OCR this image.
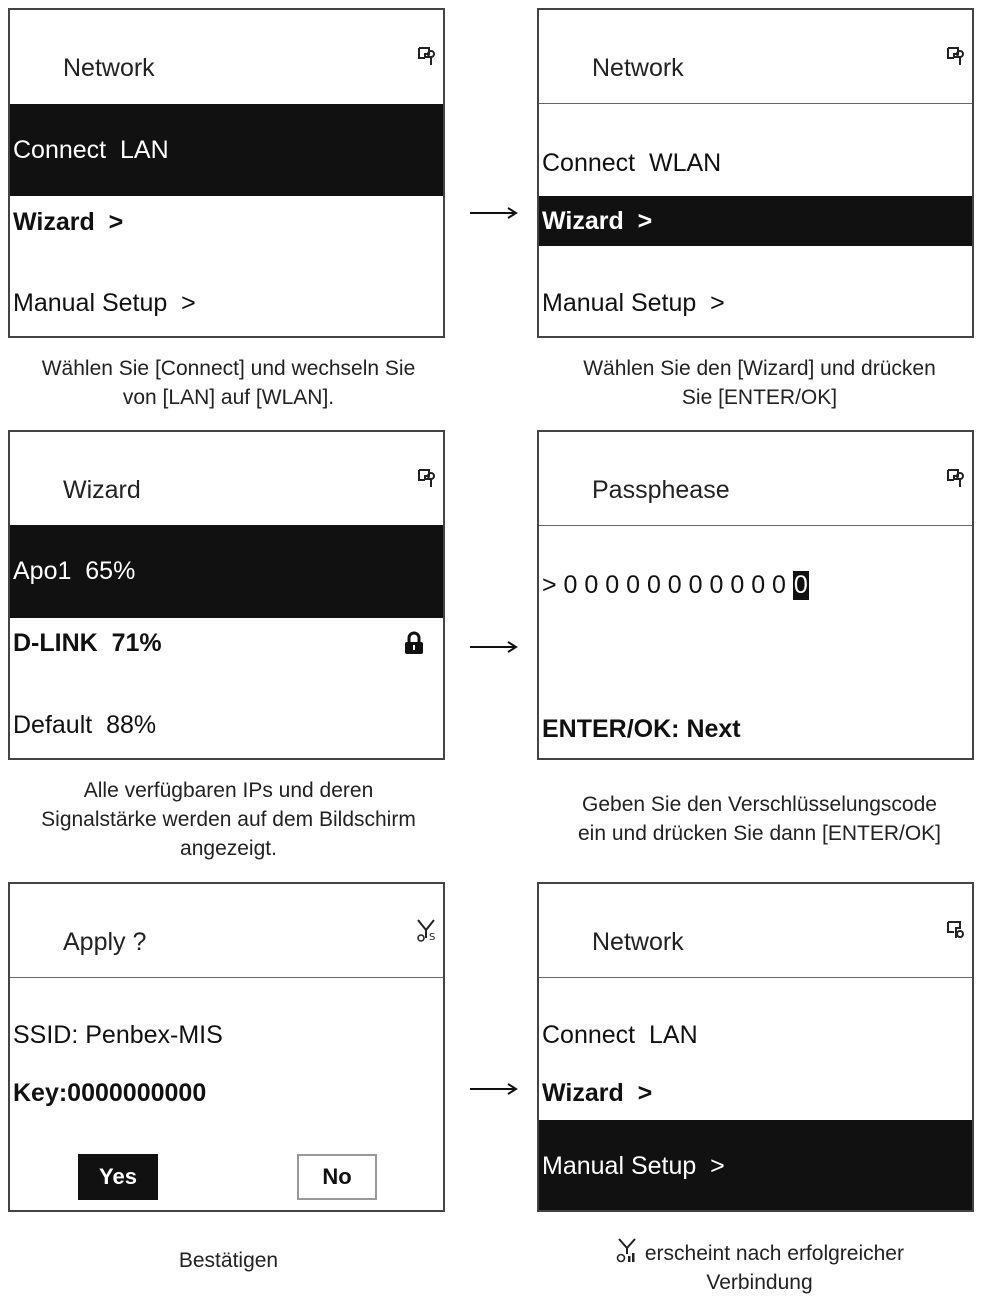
Network
Connect  LAN
Wizard  >
Manual Setup  >
Wählen Sie [Connect] und wechseln Sie
von [LAN] auf [WLAN].
Network
Connect  WLAN
Wizard  >
Manual Setup  >
Wählen Sie den [Wizard] und drücken
Sie [ENTER/OK]
Wizard
Apo1  65%
D-LINK  71%
Default  88%
Alle verfügbaren IPs und deren
Signalstärke werden auf dem Bildschirm
angezeigt.
Passphease
> 0 0 0 0 0 0 0 0 0 0 0 0
ENTER/OK: Next
Geben Sie den Verschlüsselungscode
ein und drücken Sie dann [ENTER/OK]
Apply ?	S
SSID: Penbex-MIS
Key:0000000000
Yes	No
Bestätigen
Network
Connect  LAN
Wizard  >
Manual Setup  >
erscheint nach erfolgreicher
Verbindung
